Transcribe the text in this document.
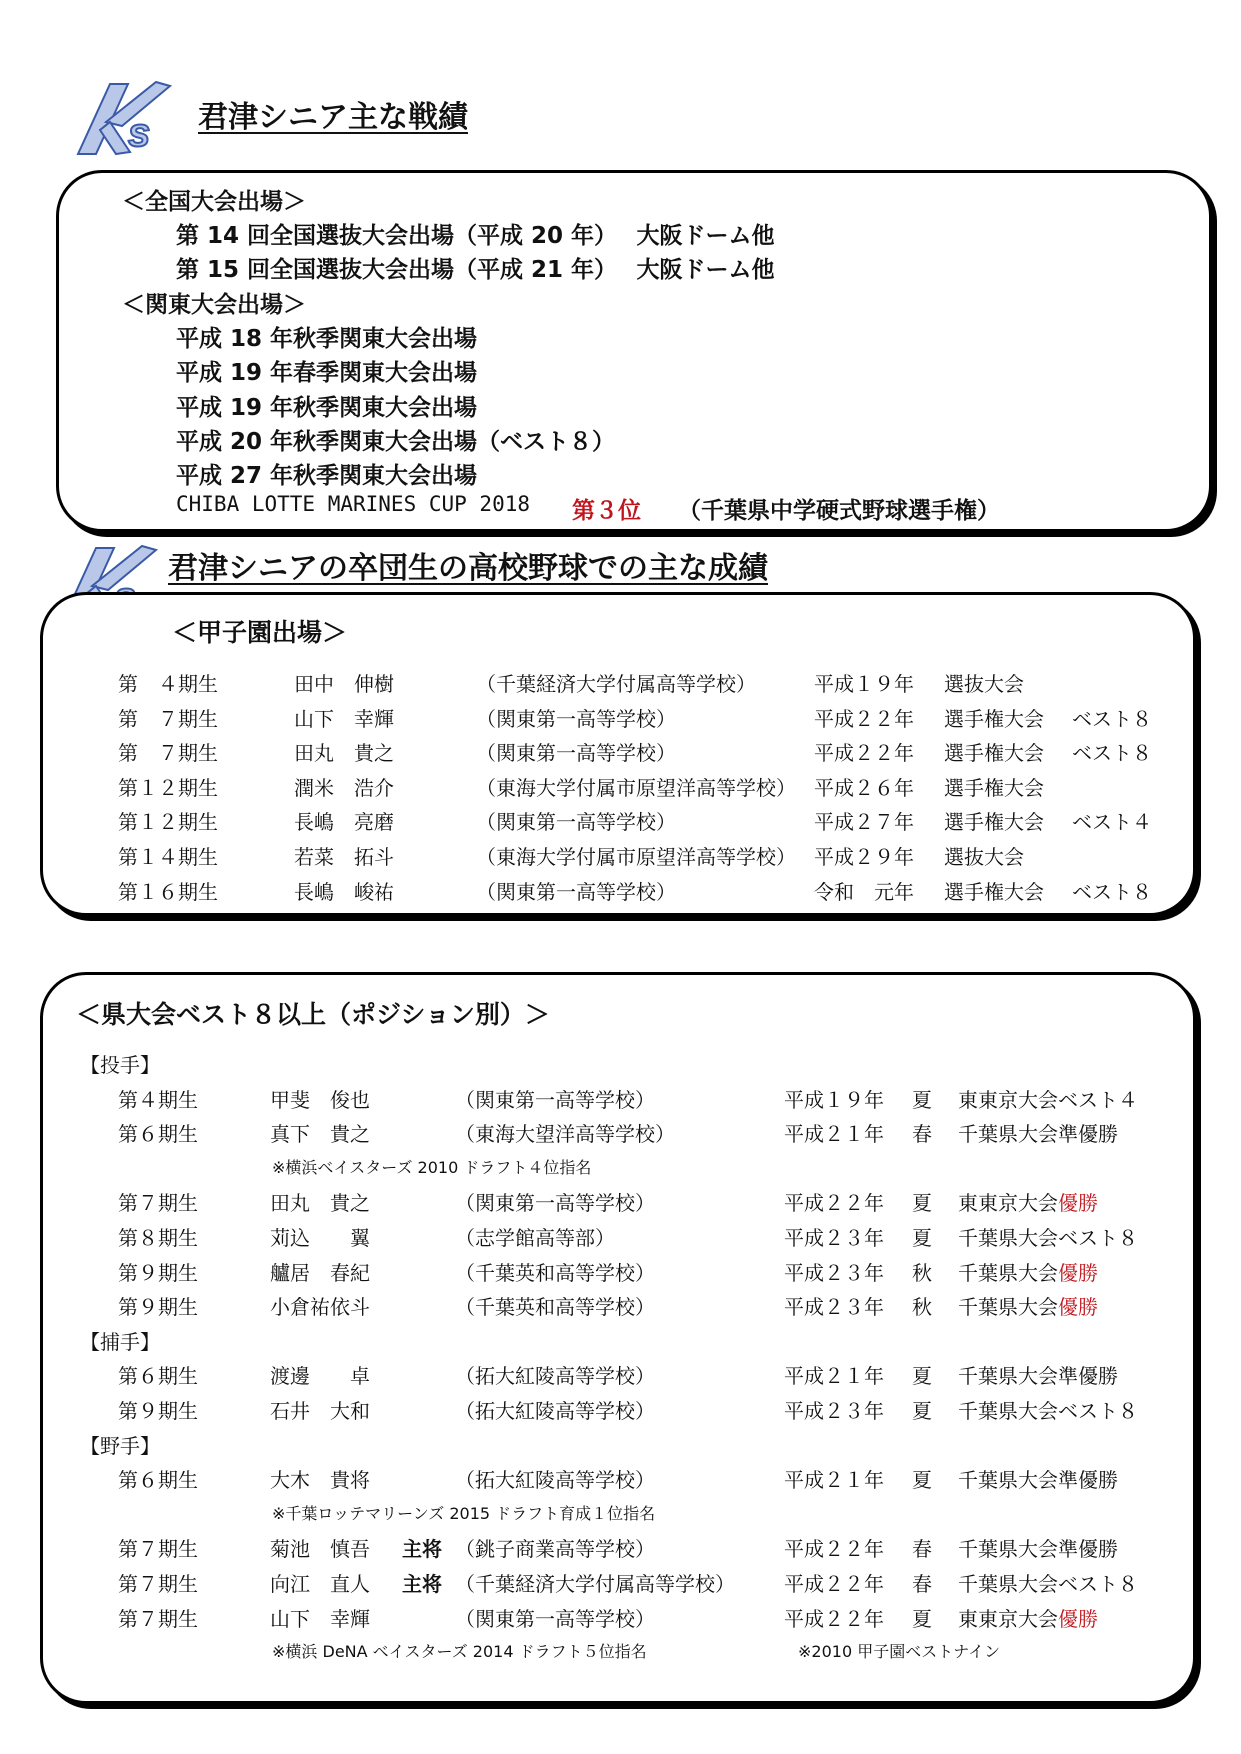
s 君津シニア主な戦績
＜全国大会出場＞
第 14 回全国選抜大会出場（平成 20 年）　 大阪ドーム他
第 15 回全国選抜大会出場（平成 21 年）　 大阪ドーム他
＜関東大会出場＞
平成 18 年秋季関東大会出場
平成 19 年春季関東大会出場
平成 19 年秋季関東大会出場
平成 20 年秋季関東大会出場（ベスト８）
平成 27 年秋季関東大会出場
CHIBA LOTTE MARINES CUP 2018 第３位 （千葉県中学硬式野球選手権）
君津シニアの卒団生の高校野球での主な成績
＜甲子園出場＞
第　４期生	田中　伸樹	（千葉経済大学付属高等学校）	平成１９年 選抜大会
第　７期生	山下　幸輝	（関東第一高等学校）	平成２２年 選手権大会 ベスト８
第　７期生	田丸　貴之	（関東第一高等学校）	平成２２年 選手権大会 ベスト８
第１２期生	潤米　浩介	（東海大学付属市原望洋高等学校） 平成２６年 選手権大会
第１２期生	長嶋　亮磨	（関東第一高等学校）	平成２７年 選手権大会 ベスト４
第１４期生	若菜　拓斗	（東海大学付属市原望洋高等学校） 平成２９年 選抜大会
第１６期生	長嶋　峻祐	（関東第一高等学校）	令和　元年 選手権大会 ベスト８
＜県大会ベスト８以上（ポジション別）＞
【投手】
第４期生	甲斐　俊也	（関東第一高等学校）	平成１９年 夏 東東京大会ベスト４
第６期生	真下　貴之	（東海大望洋高等学校）	平成２１年 春 千葉県大会準優勝
※横浜ベイスターズ 2010 ドラフト４位指名
第７期生	田丸　貴之	（関東第一高等学校）	平成２２年 夏 東東京大会優勝
第８期生	苅込　　翼	（志学館高等部）	平成２３年 夏 千葉県大会ベスト８
第９期生	艫居　春紀	（千葉英和高等学校）	平成２３年 秋 千葉県大会優勝
第９期生	小倉祐依斗	（千葉英和高等学校）	平成２３年 秋 千葉県大会優勝
【捕手】
第６期生	渡邊　　卓	（拓大紅陵高等学校）	平成２１年 夏 千葉県大会準優勝
第９期生	石井　大和	（拓大紅陵高等学校）	平成２３年 夏 千葉県大会ベスト８
【野手】
第６期生	大木　貴将	（拓大紅陵高等学校）	平成２１年 夏 千葉県大会準優勝
※千葉ロッテマリーンズ 2015 ドラフト育成１位指名
第７期生	菊池　慎吾 主将 （銚子商業高等学校）	平成２２年 春 千葉県大会準優勝
第７期生	向江　直人 主将 （千葉経済大学付属高等学校） 平成２２年 春 千葉県大会ベスト８
第７期生	山下　幸輝	（関東第一高等学校）	平成２２年 夏 東東京大会優勝
※横浜 DeNA ベイスターズ 2014 ドラフト５位指名	※2010 甲子園ベストナイン
